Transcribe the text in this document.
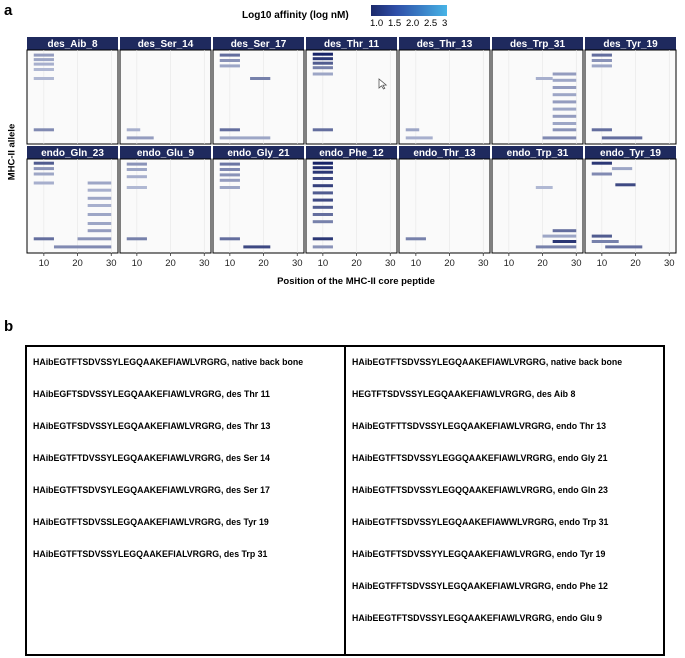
a	Log10 affinity (log nM)
1.0 1.5 2.0 2.5 3
MHC-II allele
Position of the MHC-II core peptide
des_Aib_8	des_Ser_14	des_Ser_17	des_Thr_11	des_Thr_13	des_Trp_31	des_Tyr_19
endo_Gln_23
10 20 30
endo_Glu_9
10 20 30
endo_Gly_21
10 20 30
endo_Phe_12
10 20 30
endo_Thr_13
10 20 30
endo_Trp_31
10 20 30
endo_Tyr_19
10 20 30
b
HAibEGTFTSDVSSYLEGQAAKEFIAWLVRGRG, native back bone
HAibEGFTSDVSSYLEGQAAKEFIAWLVRGRG, des Thr 11
HAibEGTFSDVSSYLEGQAAKEFIAWLVRGRG, des Thr 13
HAibEGTFTDVSSYLEGQAAKEFIAWLVRGRG, des Ser 14
HAibEGTFTSDVSYLEGQAAKEFIAWLVRGRG, des Ser 17
HAibEGTFTSDVSSLEGQAAKEFIAWLVRGRG, des Tyr 19
HAibEGTFTSDVSSYLEGQAAKEFIALVRGRG, des Trp 31
HAibEGTFTSDVSSYLEGQAAKEFIAWLVRGRG, native back bone
HEGTFTSDVSSYLEGQAAKEFIAWLVRGRG, des Aib 8
HAibEGTFTTSDVSSYLEGQAAKEFIAWLVRGRG, endo Thr 13
HAibEGTFTSDVSSYLEGGQAAKEFIAWLVRGRG, endo Gly 21
HAibEGTFTSDVSSYLEGQQAAKEFIAWLVRGRG, endo Gln 23
HAibEGTFTSDVSSYLEGQAAKEFIAWWLVRGRG, endo Trp 31
HAibEGTFTSDVSSYYLEGQAAKEFIAWLVRGRG, endo Tyr 19
HAibEGTFFTSDVSSYLEGQAAKEFIAWLVRGRG, endo Phe 12
HAibEEGTFTSDVSSYLEGQAAKEFIAWLVRGRG, endo Glu 9
